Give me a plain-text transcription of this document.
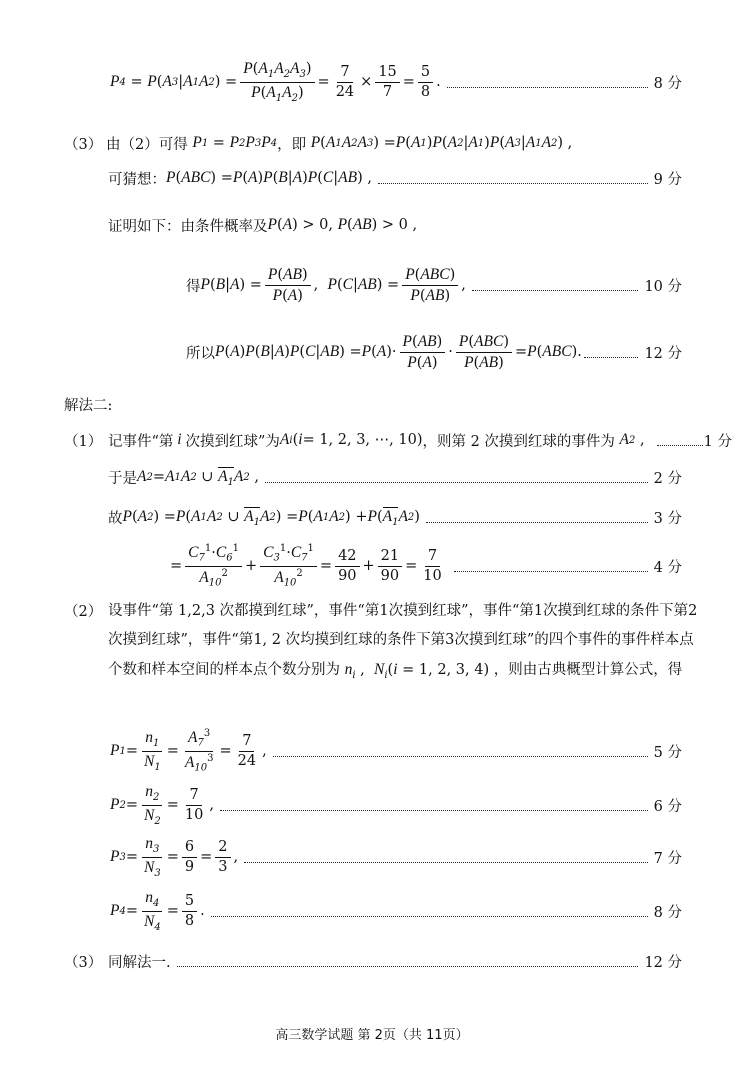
P 4 = P ( A 3 | A 1 A 2 ) = $\frac{P(A_1A_2A_3)}{P(A_1A_2)} = \frac{7}{24} \times \frac{15}{7} = \frac{5}{8}$ .	8 分
（3） 由（2）可得
P 1 = P 2 P 3 P 4 ，即
P ( A 1 A 2 A 3 ) = P ( A 1 ) P ( A 2 | A 1 ) P ( A 3 | A 1 A 2 ) ,
可猜想： P ( ABC ) = P ( A ) P ( B | A ) P ( C | AB ) ,	9 分
证明如下：由条件概率及 P ( A ) > 0, P ( AB ) > 0 ,
得 P ( B | A ) = $\frac{P(AB)}{P(A)}$ , P ( C | AB ) = $\frac{\text{P(ABC)}}{P(AB)}$ ,	10 分
所以 P ( A ) P ( B | A ) P ( C | AB ) = P ( A )· $\frac{P(AB)}{P(A)} \cdot \frac{\text{P(ABC)}}{P(AB)} = P$ ( ABC ).	12 分
解法二:
（1） 记事件“第 i 次摸到红球”为 A i ( i = 1, 2, 3, ⋯, 10) ，则第 2 次摸到红球的事件为
A 2 ,	1 分
于是 A 2 = A 1 A 2 ∪ $A_1$ A 2 ,	2 分
故 P ( A 2 ) = P ( A 1 A 2 ∪ $A_1$ A 2 ) = P ( A 1 A 2 ) + P ( $A_1$ A 2 )	3 分
= $\frac{C_7^1\cdot C_6^1}{A_{10}^2} + \frac{C_3^1\cdot C_7^1}{A_{10}^2} = \frac{42}{90} + \frac{21}{90} = \frac{7}{10}$	4 分
（2） 设事件“第 1,2,3 次都摸到红球”，事件“第1次摸到红球”，事件“第1次摸到红球的条件下第2次摸到红球”，事件“第1, 2 次均摸到红球的条件下第3次摸到红球”的四个事件的事件样本点个数和样本空间的样本点个数分别为 $n_i$ ,  $N_i(i = 1$, 2, 3, 4) ，则由古典概型计算公式，得
P $1 = \frac{n_1}{N_1} = \frac{A_7^3}{A_{10}^3} = \frac{7}{24}$ ,	5 分
P $2 = \frac{n_2}{N_2} = \frac{7}{10}$ ,	6 分
P $3 = \frac{n_3}{N_3} = \frac{6}{9} = \frac{2}{3}$ ,	7 分
P $4 = \frac{n_4}{N_4} = \frac{5}{8}$ .	8 分
（3） 同解法一.	12 分
高三数学试题 第 2页（共 11页）
